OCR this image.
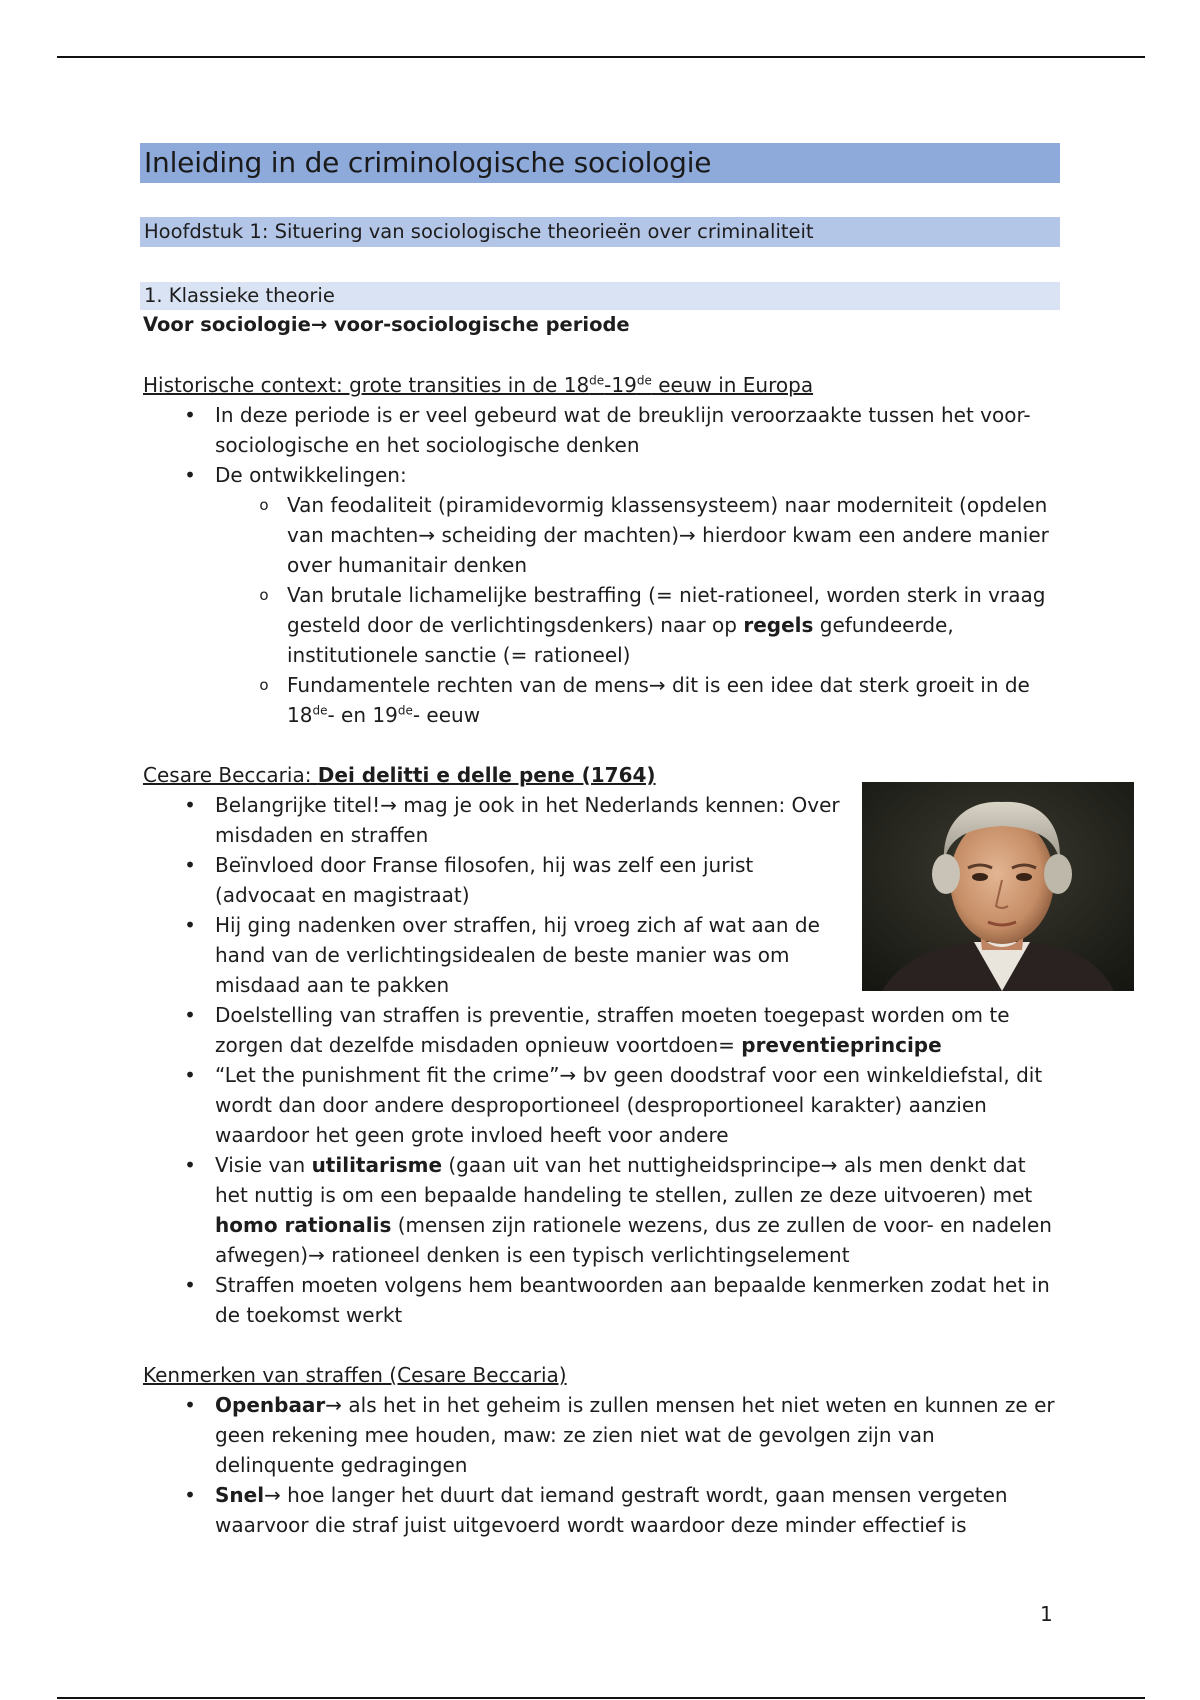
Inleiding in de criminologische sociologie
Hoofdstuk 1: Situering van sociologische theorieën over criminaliteit
1. Klassieke theorie
Voor sociologie→ voor-sociologische periode
Historische context: grote transities in de 18de-19de eeuw in Europa
• In deze periode is er veel gebeurd wat de breuklijn veroorzaakte tussen het voor-sociologische en het sociologische denken
• De ontwikkelingen:
o Van feodaliteit (piramidevormig klassensysteem) naar moderniteit (opdelen van machten→ scheiding der machten)→ hierdoor kwam een andere manier over humanitair denken
o Van brutale lichamelijke bestraffing (= niet-rationeel, worden sterk in vraag gesteld door de verlichtingsdenkers) naar op regels gefundeerde, institutionele sanctie (= rationeel)
o Fundamentele rechten van de mens→ dit is een idee dat sterk groeit in de 18de- en 19de- eeuw
Cesare Beccaria: Dei delitti e delle pene (1764)
• Belangrijke titel!→ mag je ook in het Nederlands kennen: Over misdaden en straffen
• Beïnvloed door Franse filosofen, hij was zelf een jurist (advocaat en magistraat)
• Hij ging nadenken over straffen, hij vroeg zich af wat aan de hand van de verlichtingsidealen de beste manier was om misdaad aan te pakken
• Doelstelling van straffen is preventie, straffen moeten toegepast worden om te zorgen dat dezelfde misdaden opnieuw voortdoen= preventieprincipe
• “Let the punishment fit the crime”→ bv geen doodstraf voor een winkeldiefstal, dit wordt dan door andere desproportioneel (desproportioneel karakter) aanzien waardoor het geen grote invloed heeft voor andere
• Visie van utilitarisme (gaan uit van het nuttigheidsprincipe→ als men denkt dat het nuttig is om een bepaalde handeling te stellen, zullen ze deze uitvoeren) met homo rationalis (mensen zijn rationele wezens, dus ze zullen de voor- en nadelen afwegen)→ rationeel denken is een typisch verlichtingselement
• Straffen moeten volgens hem beantwoorden aan bepaalde kenmerken zodat het in de toekomst werkt
Kenmerken van straffen (Cesare Beccaria)
• Openbaar→ als het in het geheim is zullen mensen het niet weten en kunnen ze er geen rekening mee houden, maw: ze zien niet wat de gevolgen zijn van delinquente gedragingen
• Snel→ hoe langer het duurt dat iemand gestraft wordt, gaan mensen vergeten waarvoor die straf juist uitgevoerd wordt waardoor deze minder effectief is
1
